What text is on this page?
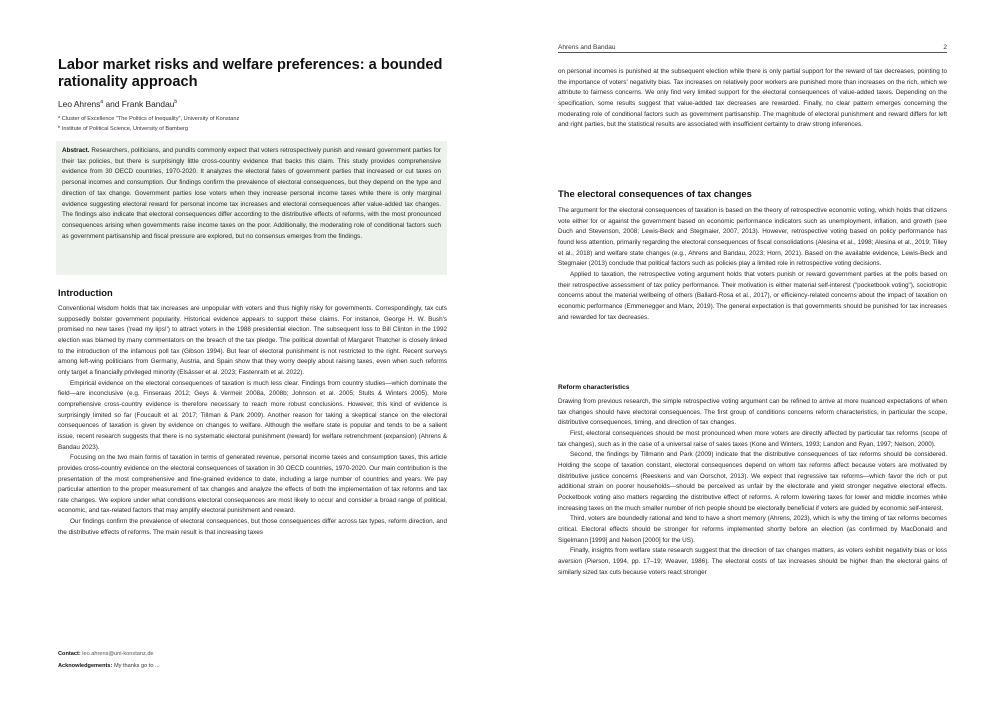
Labor market risks and welfare preferences: a bounded rationality approach
Leo Ahrens$^a$ and Frank Bandau$^b$
$^a$ Cluster of Excellence "The Politics of Inequality", University of Konstanz
$^b$ Institute of Political Science, University of Bamberg
Abstract. Researchers, politicians, and pundits commonly expect that voters retrospectively punish and reward government parties for their tax policies, but there is surprisingly little cross-country evidence that backs this claim. This study provides comprehensive evidence from 30 OECD countries, 1970-2020. It analyzes the electoral fates of government parties that increased or cut taxes on personal incomes and consumption. Our findings confirm the prevalence of electoral consequences, but they depend on the type and direction of tax change. Government parties lose voters when they increase personal income taxes while there is only marginal evidence suggesting electoral reward for personal income tax increases and electoral consequences after value-added tax changes. The findings also indicate that electoral consequences differ according to the distributive effects of reforms, with the most pronounced consequences arising when governments raise income taxes on the poor. Additionally, the moderating role of conditional factors such as government partisanship and fiscal pressure are explored, but no consensus emerges from the findings.
Introduction

Conventional wisdom holds that tax increases are unpopular with voters and thus highly risky for governments. Correspondingly, tax cuts supposedly bolster government popularity. Historical evidence appears to support these claims. For instance, George H. W. Bush's promised no new taxes ('read my lips!') to attract voters in the 1988 presidential election. The subsequent loss to Bill Clinton in the 1992 election was blamed by many commentators on the breach of the tax pledge. The political downfall of Margaret Thatcher is closely linked to the introduction of the infamous poll tax (Gibson 1994). But fear of electoral punishment is not restricted to the right. Recent surveys among left-wing politicians from Germany, Austria, and Spain show that they worry deeply about raising taxes, even when such reforms only target a financially privileged minority (Elsässer et al. 2023; Fastenrath et al. 2022).

Empirical evidence on the electoral consequences of taxation is much less clear. Findings from country studies—which dominate the field—are inconclusive (e.g. Finseraas 2012; Geys & Vermeir 2008a, 2008b; Johnson et al. 2005; Stults & Winters 2005). More comprehensive cross-country evidence is therefore necessary to reach more robust conclusions. However, this kind of evidence is surprisingly limited so far (Foucault et al. 2017; Tillman & Park 2009). Another reason for taking a skeptical stance on the electoral consequences of taxation is given by evidence on changes to welfare. Although the welfare state is popular and tends to be a salient issue, recent research suggests that there is no systematic electoral punishment (reward) for welfare retrenchment (expansion) (Ahrens & Bandau 2023).

Focusing on the two main forms of taxation in terms of generated revenue, personal income taxes and consumption taxes, this article provides cross-country evidence on the electoral consequences of taxation in 30 OECD countries, 1970-2020. Our main contribution is the presentation of the most comprehensive and fine-grained evidence to date, including a large number of countries and years. We pay particular attention to the proper measurement of tax changes and analyze the effects of both the implementation of tax reforms and tax rate changes. We explore under what conditions electoral consequences are most likely to occur and consider a broad range of political, economic, and tax-related factors that may amplify electoral punishment and reward.

Our findings confirm the prevalence of electoral consequences, but those consequences differ across tax types, reform direction, and the distributive effects of reforms. The main result is that increasing taxes

Contact: leo.ahrens@uni-konstanz.de
Acknowledgements: My thanks go to ...
Ahrens and Bandau	2

on personal incomes is punished at the subsequent election while there is only partial support for the reward of tax decreases, pointing to the importance of voters' negativity bias. Tax increases on relatively poor workers are punished more than increases on the rich, which we attribute to fairness concerns. We only find very limited support for the electoral consequences of value-added taxes. Depending on the specification, some results suggest that value-added tax decreases are rewarded. Finally, no clear pattern emerges concerning the moderating role of conditional factors such as government partisanship. The magnitude of electoral punishment and reward differs for left and right parties, but the statistical results are associated with insufficient certainty to draw strong inferences.

The electoral consequences of tax changes

The argument for the electoral consequences of taxation is based on the theory of retrospective economic voting, which holds that citizens vote either for or against the government based on economic performance indicators such as unemployment, inflation, and growth (see Duch and Stevenson, 2008; Lewis-Beck and Stegmaier, 2007, 2013). However, retrospective voting based on policy performance has found less attention, primarily regarding the electoral consequences of fiscal consolidations (Alesina et al., 1998; Alesina et al., 2019; Tilley et al., 2018) and welfare state changes (e.g., Ahrens and Bandau, 2023; Horn, 2021). Based on the available evidence, Lewis-Beck and Stegmaier (2013) conclude that political factors such as policies play a limited role in retrospective voting decisions.

Applied to taxation, the retrospective voting argument holds that voters punish or reward government parties at the polls based on their retrospective assessment of tax policy performance. Their motivation is either material self-interest ("pocketbook voting"), sociotropic concerns about the material wellbeing of others (Ballard-Rosa et al., 2017), or efficiency-related concerns about the impact of taxation on economic performance (Emmenegger and Marx, 2019). The general expectation is that governments should be punished for tax increases and rewarded for tax decreases.

Reform characteristics

Drawing from previous research, the simple retrospective voting argument can be refined to arrive at more nuanced expectations of when tax changes should have electoral consequences. The first group of conditions concerns reform characteristics, in particular the scope, distributive consequences, timing, and direction of tax changes.

First, electoral consequences should be most pronounced when more voters are directly affected by particular tax reforms (scope of tax changes), such as in the case of a universal raise of sales taxes (Kone and Winters, 1993; Landon and Ryan, 1997; Nelson, 2000).

Second, the findings by Tillmann and Park (2009) indicate that the distributive consequences of tax reforms should be considered. Holding the scope of taxation constant, electoral consequences depend on whom tax reforms affect because voters are motivated by distributive justice concerns (Reeskens and van Oorschot, 2013). We expect that regressive tax reforms—which favor the rich or put additional strain on poorer households—should be perceived as unfair by the electorate and yield stronger negative electoral effects. Pocketbook voting also matters regarding the distributive effect of reforms. A reform lowering taxes for lower and middle incomes while increasing taxes on the much smaller number of rich people should be electorally beneficial if voters are guided by economic self-interest.

Third, voters are boundedly rational and tend to have a short memory (Ahrens, 2023), which is why the timing of tax reforms becomes critical. Electoral effects should be stronger for reforms implemented shortly before an election (as confirmed by MacDonald and Sigelmann [1999] and Nelson [2000] for the US).

Finally, insights from welfare state research suggest that the direction of tax changes matters, as voters exhibit negativity bias or loss aversion (Pierson, 1994, pp. 17–19; Weaver, 1986). The electoral costs of tax increases should be higher than the electoral gains of similarly sized tax cuts because voters react stronger
